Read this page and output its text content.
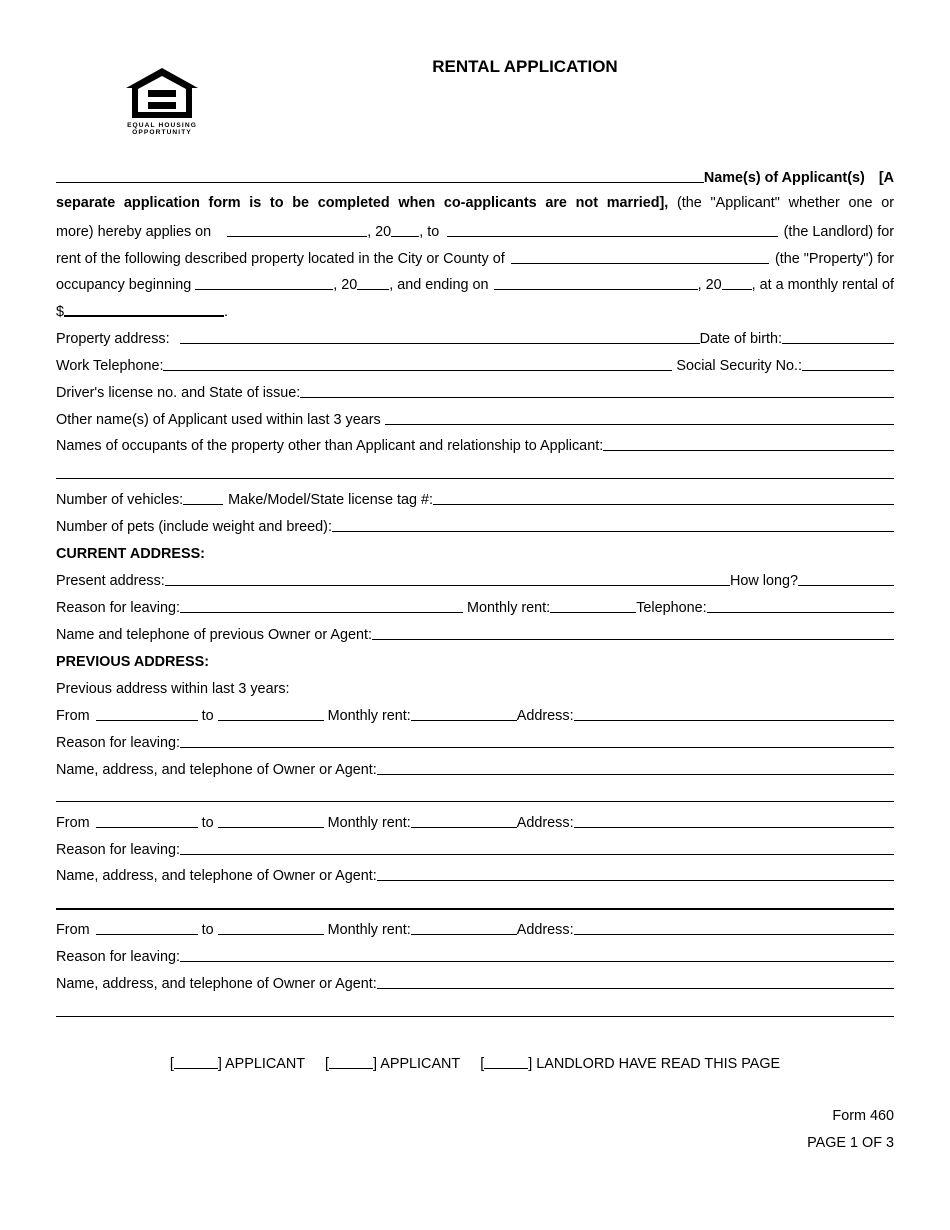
EQUAL HOUSING
OPPORTUNITY
RENTAL APPLICATION
Name(s) of Applicant(s) [A
separate application form is to be completed when co-applicants are not married], (the "Applicant" whether one or
more) hereby applies on	, 20 , to	(the Landlord) for
rent of the following described property located in the City or County of	(the "Property") for
occupancy beginning	, 20 , and ending on	, 20 , at a monthly rental of
$	.
Property address:	Date of birth:
Work Telephone:	Social Security No.:
Driver's license no. and State of issue:
Other name(s) of Applicant used within last 3 years
Names of occupants of the property other than Applicant and relationship to Applicant:
Number of vehicles:	Make/Model/State license tag #:
Number of pets (include weight and breed):
CURRENT ADDRESS:
Present address:	How long?
Reason for leaving:	Monthly rent:	Telephone:
Name and telephone of previous Owner or Agent:
PREVIOUS ADDRESS:
Previous address within last 3 years:
From	to	Monthly rent:	Address:
Reason for leaving:
Name, address, and telephone of Owner or Agent:
From	to	Monthly rent:	Address:
Reason for leaving:
Name, address, and telephone of Owner or Agent:
From	to	Monthly rent:	Address:
Reason for leaving:
Name, address, and telephone of Owner or Agent:
[	] APPLICANT [	] APPLICANT [	] LANDLORD HAVE READ THIS PAGE
Form 460
PAGE 1 OF 3
